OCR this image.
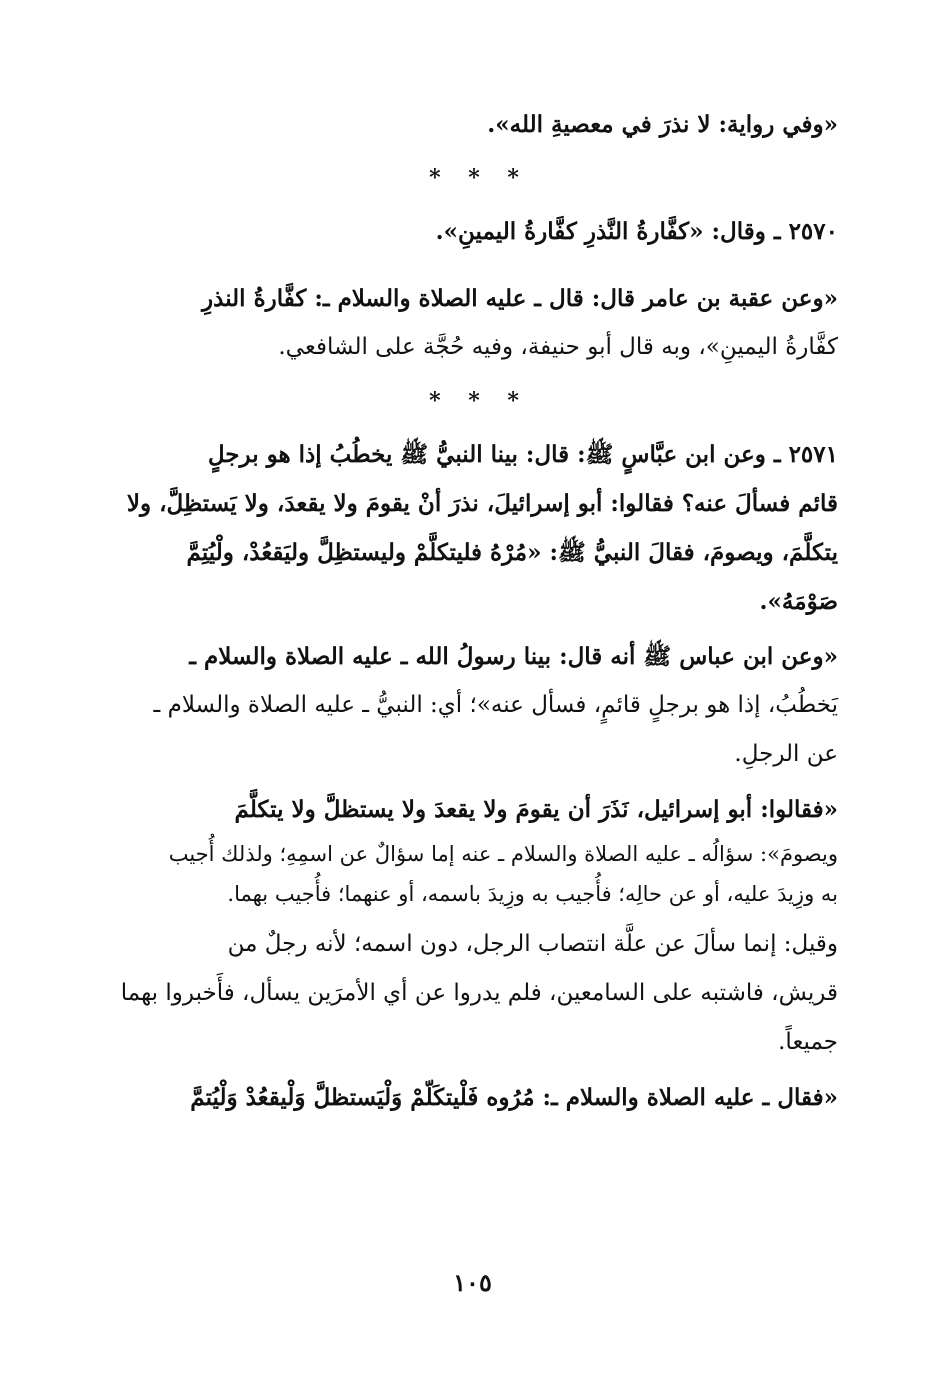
«وفي رواية: لا نذرَ في معصيةِ الله».

* * *

٢٥٧٠ ـ وقال: «كفَّارةُ النَّذرِ كفَّارةُ اليمينِ».

«وعن عقبة بن عامر قال: قال ـ عليه الصلاة والسلام ـ: كفَّارةُ النذرِ

كفَّارةُ اليمينِ»، وبه قال أبو حنيفة، وفيه حُجَّة على الشافعي.

* * *

٢٥٧١ ـ وعن ابن عبَّاسٍ ﷺ: قال: بينا النبيُّ ﷺ يخطُبُ إذا هو برجلٍ

قائم فسألَ عنه؟ فقالوا: أبو إسرائيلَ، نذرَ أنْ يقومَ ولا يقعدَ، ولا يَستظِلَّ، ولا

يتكلَّمَ، ويصومَ، فقالَ النبيُّ ﷺ: «مُرْهُ فليتكلَّمْ وليستظِلَّ وليَقعُدْ، ولْيُتِمَّ

صَوْمَهُ».

«وعن ابن عباس ﷺ أنه قال: بينا رسولُ الله ـ عليه الصلاة والسلام ـ

يَخطُبُ، إذا هو برجلٍ قائمٍ، فسأل عنه»؛ أي: النبيُّ ـ عليه الصلاة والسلام ـ

عن الرجلِ.

«فقالوا: أبو إسرائيل، نَذَرَ أن يقومَ ولا يقعدَ ولا يستظلَّ ولا يتكلَّمَ

ويصومَ»: سؤالُه ـ عليه الصلاة والسلام ـ عنه إما سؤالٌ عن اسمِهِ؛ ولذلك أُجيب

به وزِيدَ عليه، أو عن حالِه؛ فأُجيب به وزِيدَ باسمه، أو عنهما؛ فأُجيب بهما.

وقيل: إنما سألَ عن علَّة انتصاب الرجل، دون اسمه؛ لأنه رجلٌ من

قريش، فاشتبه على السامعين، فلم يدروا عن أي الأمرَين يسأل، فأَخبروا بهما

جميعاً.

«فقال ـ عليه الصلاة والسلام ـ: مُرُوه فَلْيتكَلّمْ وَلْيَستظلَّ وَلْيقعُدْ وَلْيُتمَّ

١٠٥
